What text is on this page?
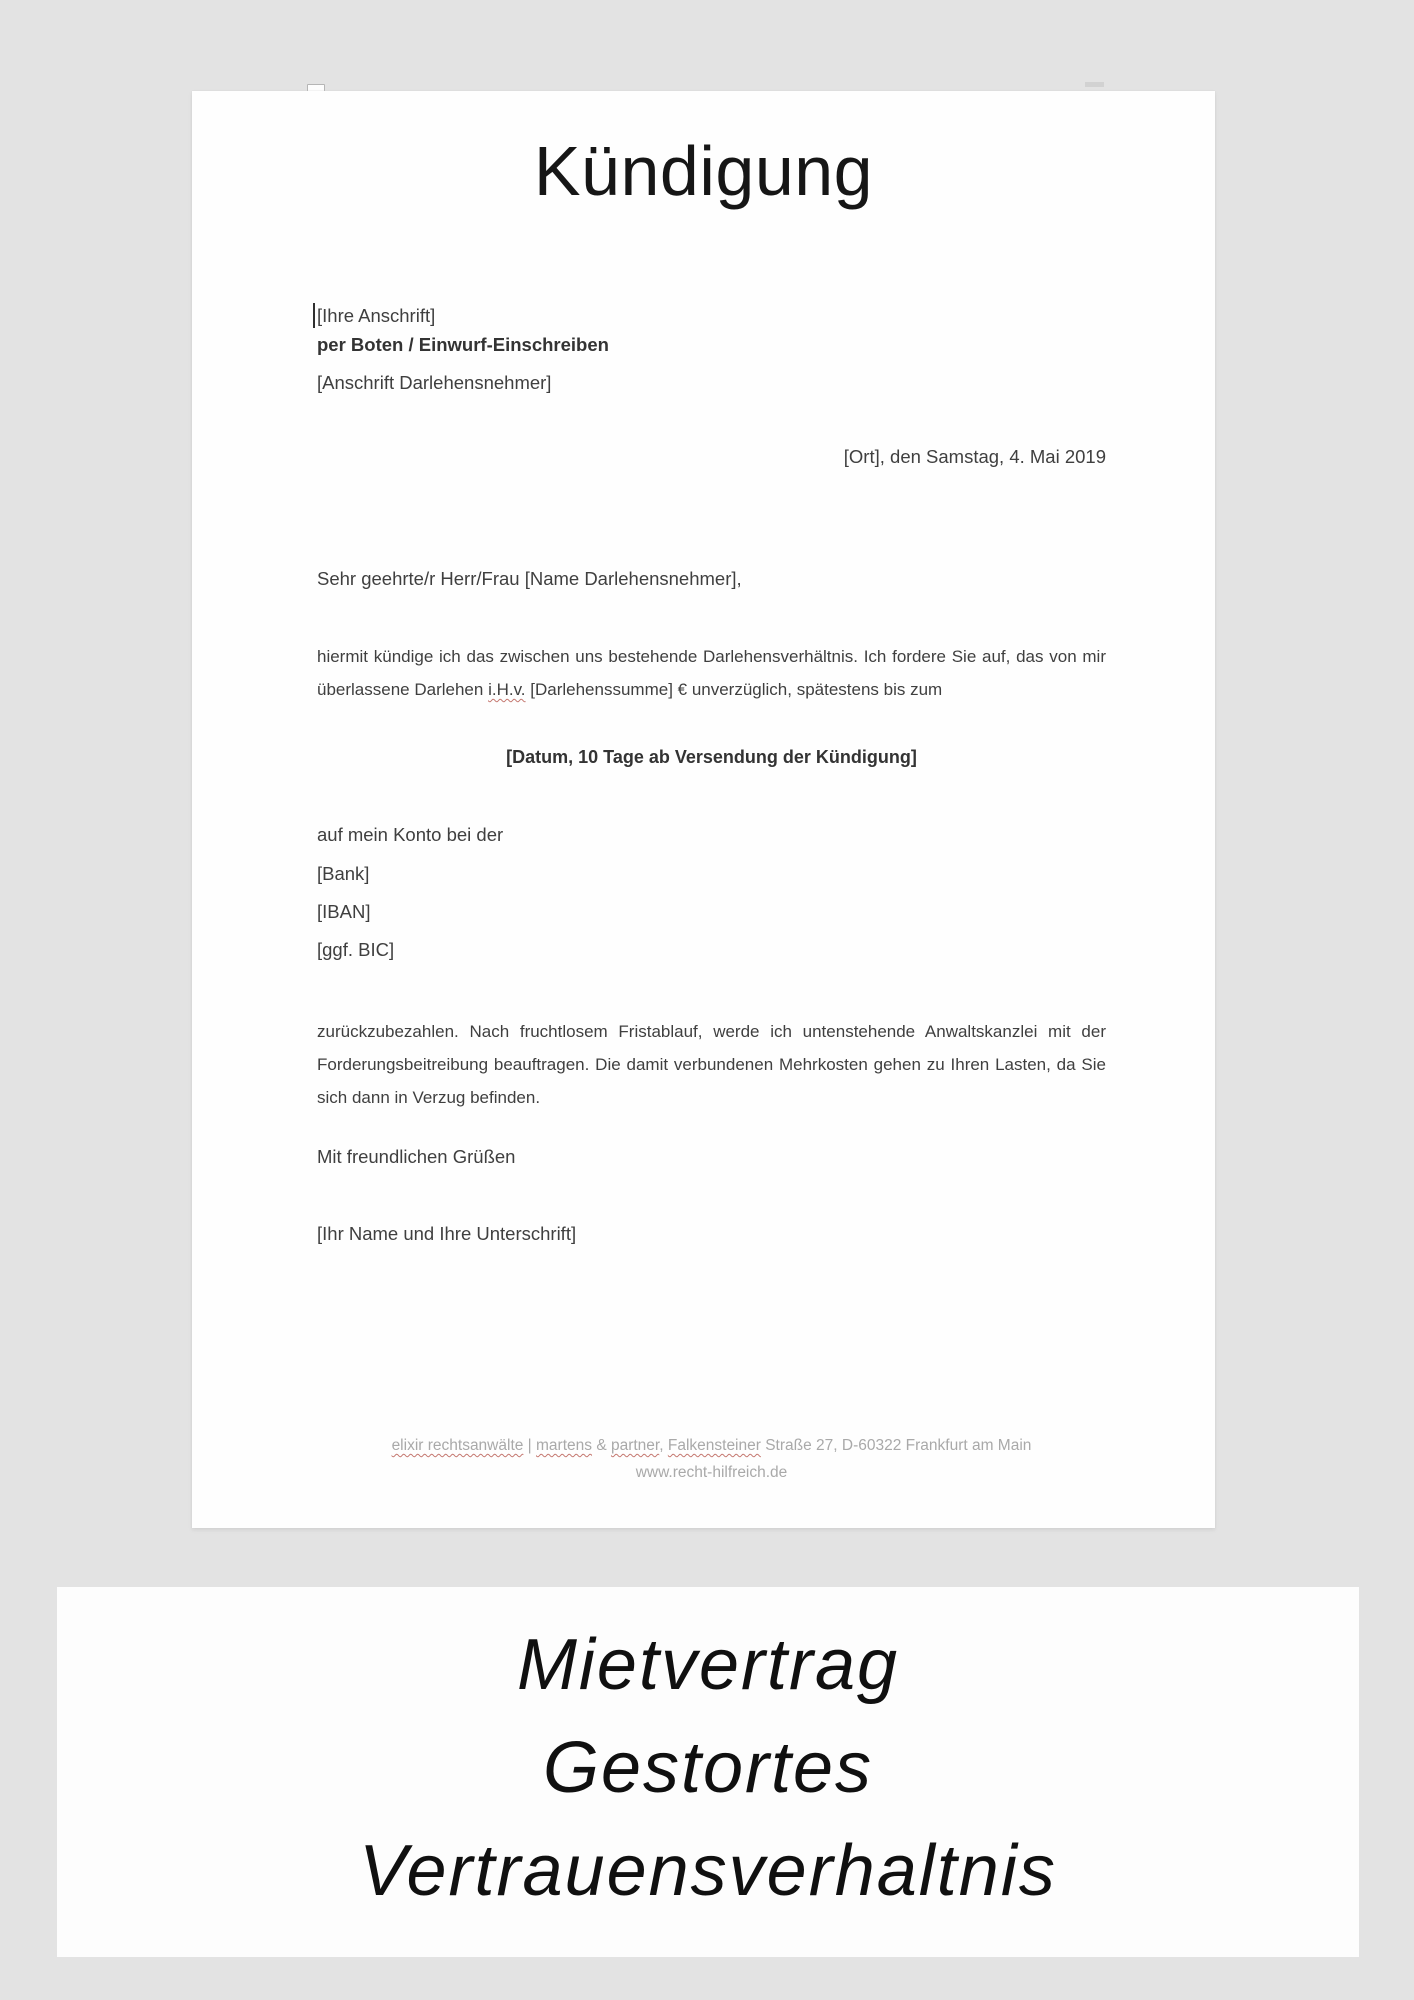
Kündigung
[Ihre Anschrift]
per Boten / Einwurf-Einschreiben
[Anschrift Darlehensnehmer]
[Ort], den Samstag, 4. Mai 2019
Sehr geehrte/r Herr/Frau [Name Darlehensnehmer],
hiermit kündige ich das zwischen uns bestehende Darlehensverhältnis. Ich fordere Sie auf, das von mir überlassene Darlehen i.H.v. [Darlehenssumme] € unverzüglich, spätestens bis zum
[Datum, 10 Tage ab Versendung der Kündigung]
auf mein Konto bei der
[Bank]
[IBAN]
[ggf. BIC]
zurückzubezahlen. Nach fruchtlosem Fristablauf, werde ich untenstehende Anwaltskanzlei mit der Forderungsbeitreibung beauftragen. Die damit verbundenen Mehrkosten gehen zu Ihren Lasten, da Sie sich dann in Verzug befinden.
Mit freundlichen Grüßen
[Ihr Name und Ihre Unterschrift]
elixir rechtsanwälte | martens & partner, Falkensteiner Straße 27, D-60322 Frankfurt am Main
www.recht-hilfreich.de
Mietvertrag
Gestortes
Vertrauensverhaltnis
